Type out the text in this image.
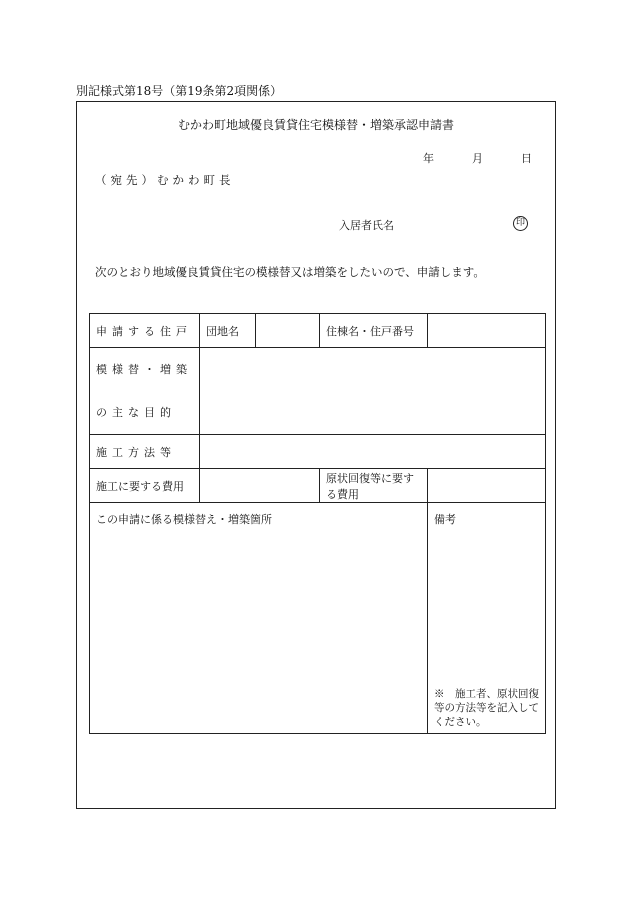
別記様式第18号（第19条第2項関係）
むかわ町地域優良賃貸住宅模様替・増築承認申請書
年	月	日
（宛先）むかわ町長
入居者氏名	印
次のとおり地域優良賃貸住宅の模様替又は増築をしたいので、申請します。
申請する住戸	団地名		住棟名・住戸番号	

模様替・増築
の主な目的				

施工方法等				
施工に要する費用			原状回復等に要する費用	
この申請に係る模様替え・増築箇所				備考
※　施工者、原状回復等の方法等を記入してください。
